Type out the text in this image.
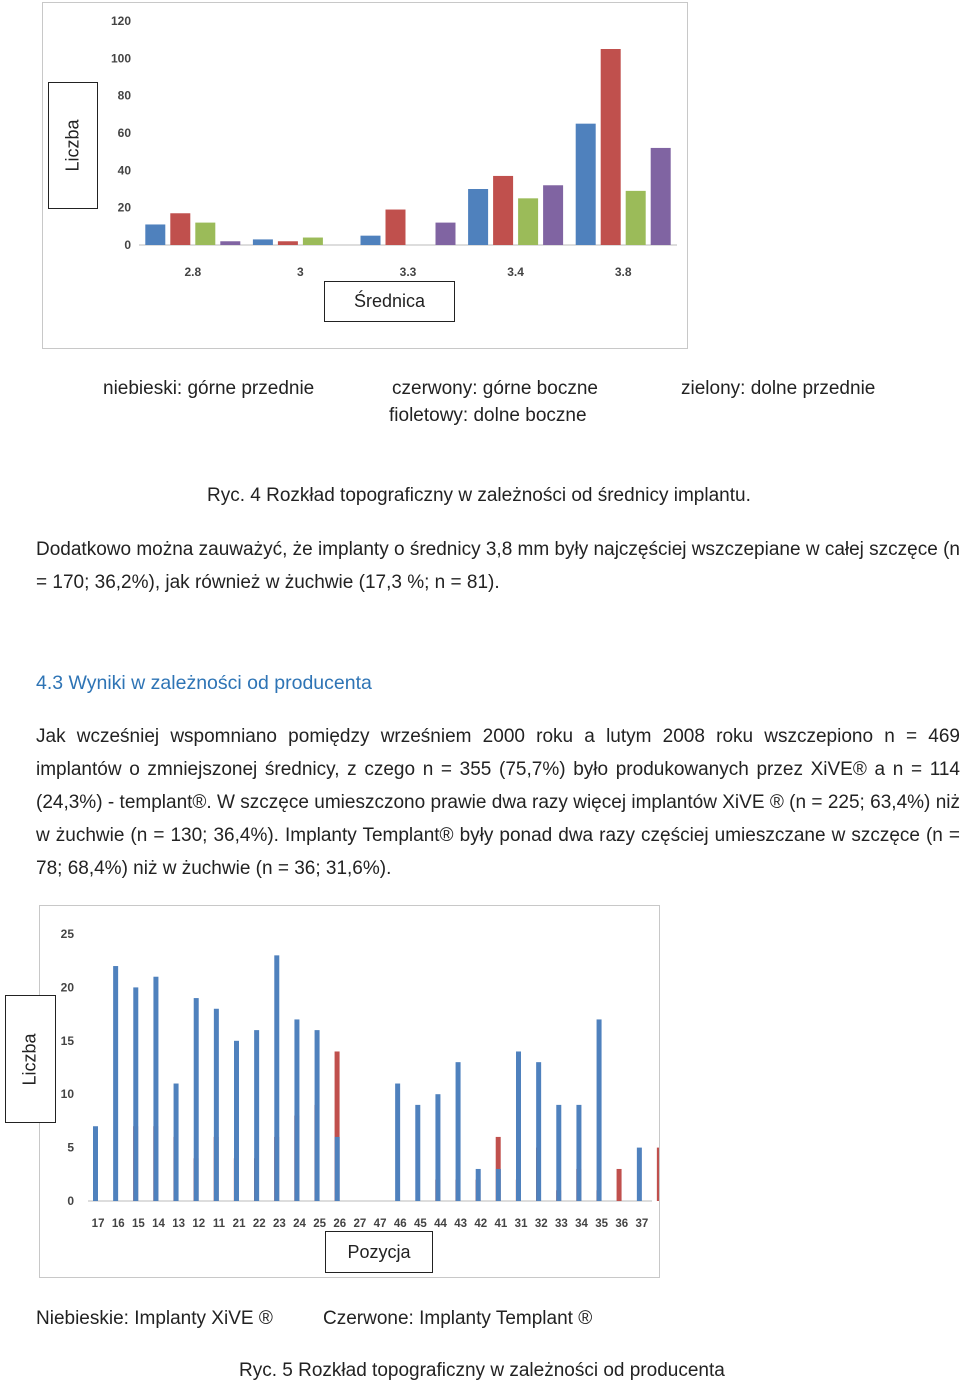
0
20
40
60
80
100
120
2.8	3	3.3	3.4	3.8
Liczba
Średnica
niebieski: górne przednie	czerwony: górne boczne	zielony: dolne przednie
fioletowy: dolne boczne
Ryc. 4 Rozkład topograficzny w zależności od średnicy implantu.
Dodatkowo można zauważyć, że implanty o średnicy 3,8 mm były najczęściej wszczepiane w całej szczęce (n = 170; 36,2%), jak również w żuchwie (17,3 %; n = 81).
4.3 Wyniki w zależności od producenta
Jak wcześniej wspomniano pomiędzy wrześniem 2000 roku a lutym 2008 roku wszczepiono n = 469 implantów o zmniejszonej średnicy, z czego n = 355 (75,7%) było produkowanych przez XiVE® a n = 114 (24,3%) - templant®. W szczęce umieszczono prawie dwa razy więcej implantów XiVE ® (n = 225; 63,4%) niż w żuchwie (n = 130; 36,4%). Implanty Templant® były ponad dwa razy częściej umieszczane w szczęce (n = 78; 68,4%) niż w żuchwie (n = 36; 31,6%).
0
5
10
15
20
25
17 16 15 14 13 12 11 21 22 23 24 25 26 27 47 46 45 44 43 42 41 31 32 33 34 35 36 37
Liczba
Pozycja
Niebieskie: Implanty XiVE ®	Czerwone: Implanty Templant ®
Ryc. 5 Rozkład topograficzny w zależności od producenta
